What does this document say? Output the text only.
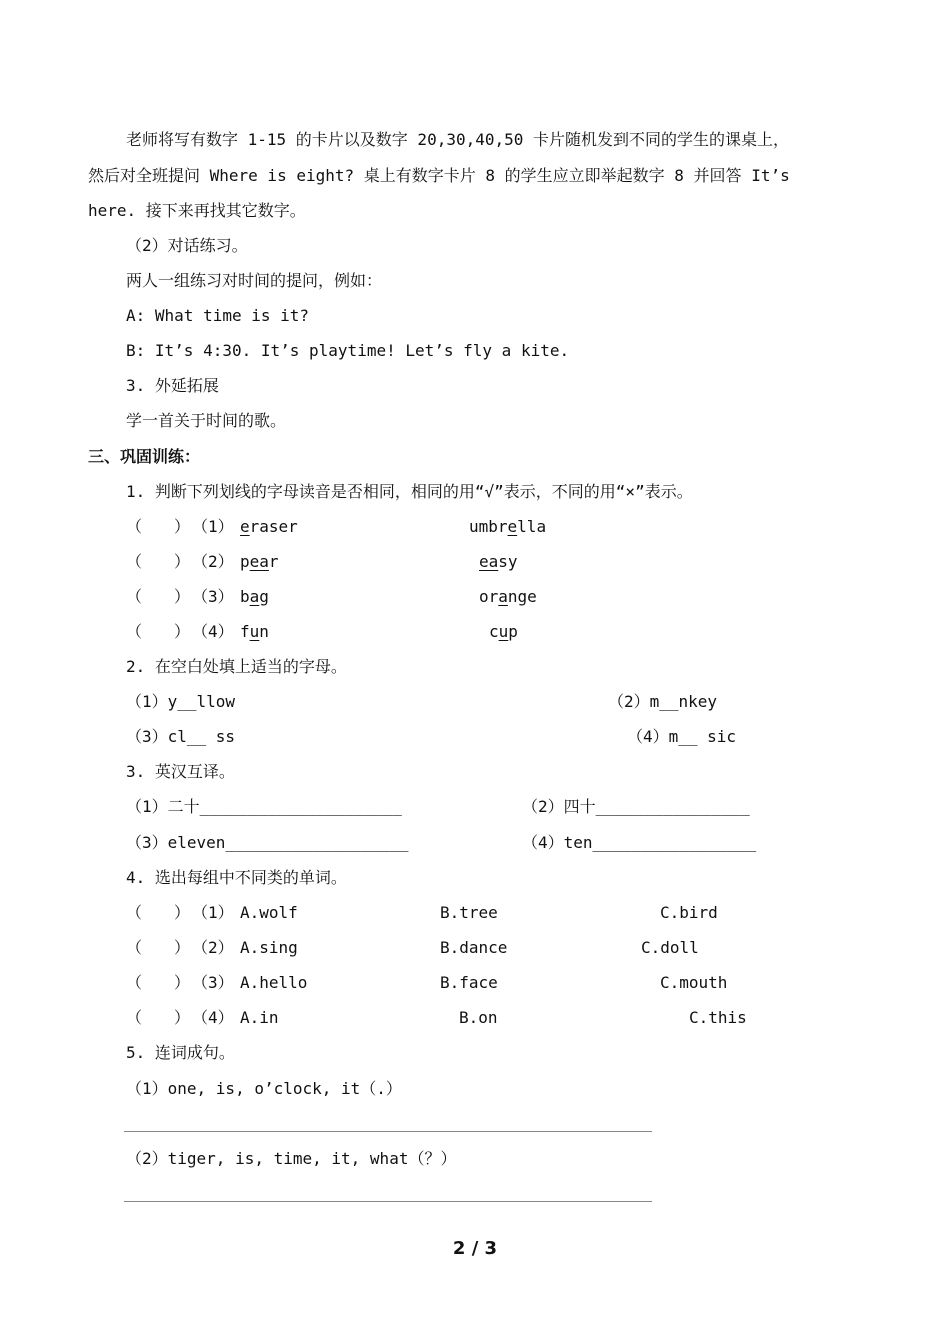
老师将写有数字 1-15 的卡片以及数字 20,30,40,50 卡片随机发到不同的学生的课桌上，
然后对全班提问 Where is eight? 桌上有数字卡片 8 的学生应立即举起数字 8 并回答 It’s
here. 接下来再找其它数字。
（2）对话练习。
两人一组练习对时间的提问，例如：
A: What time is it?
B: It’s 4:30. It’s playtime! Let’s fly a kite.
3. 外延拓展
学一首关于时间的歌。
三、巩固训练：
1. 判断下列划线的字母读音是否相同，相同的用“√”表示，不同的用“×”表示。
（　　） （1） eraser	umbrella
（　　） （2） pear	easy
（　　） （3） bag	orange
（　　） （4） fun	cup
2. 在空白处填上适当的字母。
（1）y__llow	（2）m__nkey
（3）cl__ ss	（4）m__ sic
3. 英汉互译。
（1）二十_____________________	（2）四十________________
（3）eleven___________________	（4）ten_________________
4. 选出每组中不同类的单词。
（　　） （1） A.wolf	B.tree	C.bird
（　　） （2） A.sing	B.dance	C.doll
（　　） （3） A.hello	B.face	C.mouth
（　　） （4） A.in	B.on	C.this
5. 连词成句。
（1）one, is, o’clock, it（.）
（2）tiger, is, time, it, what（？）
2 / 3
